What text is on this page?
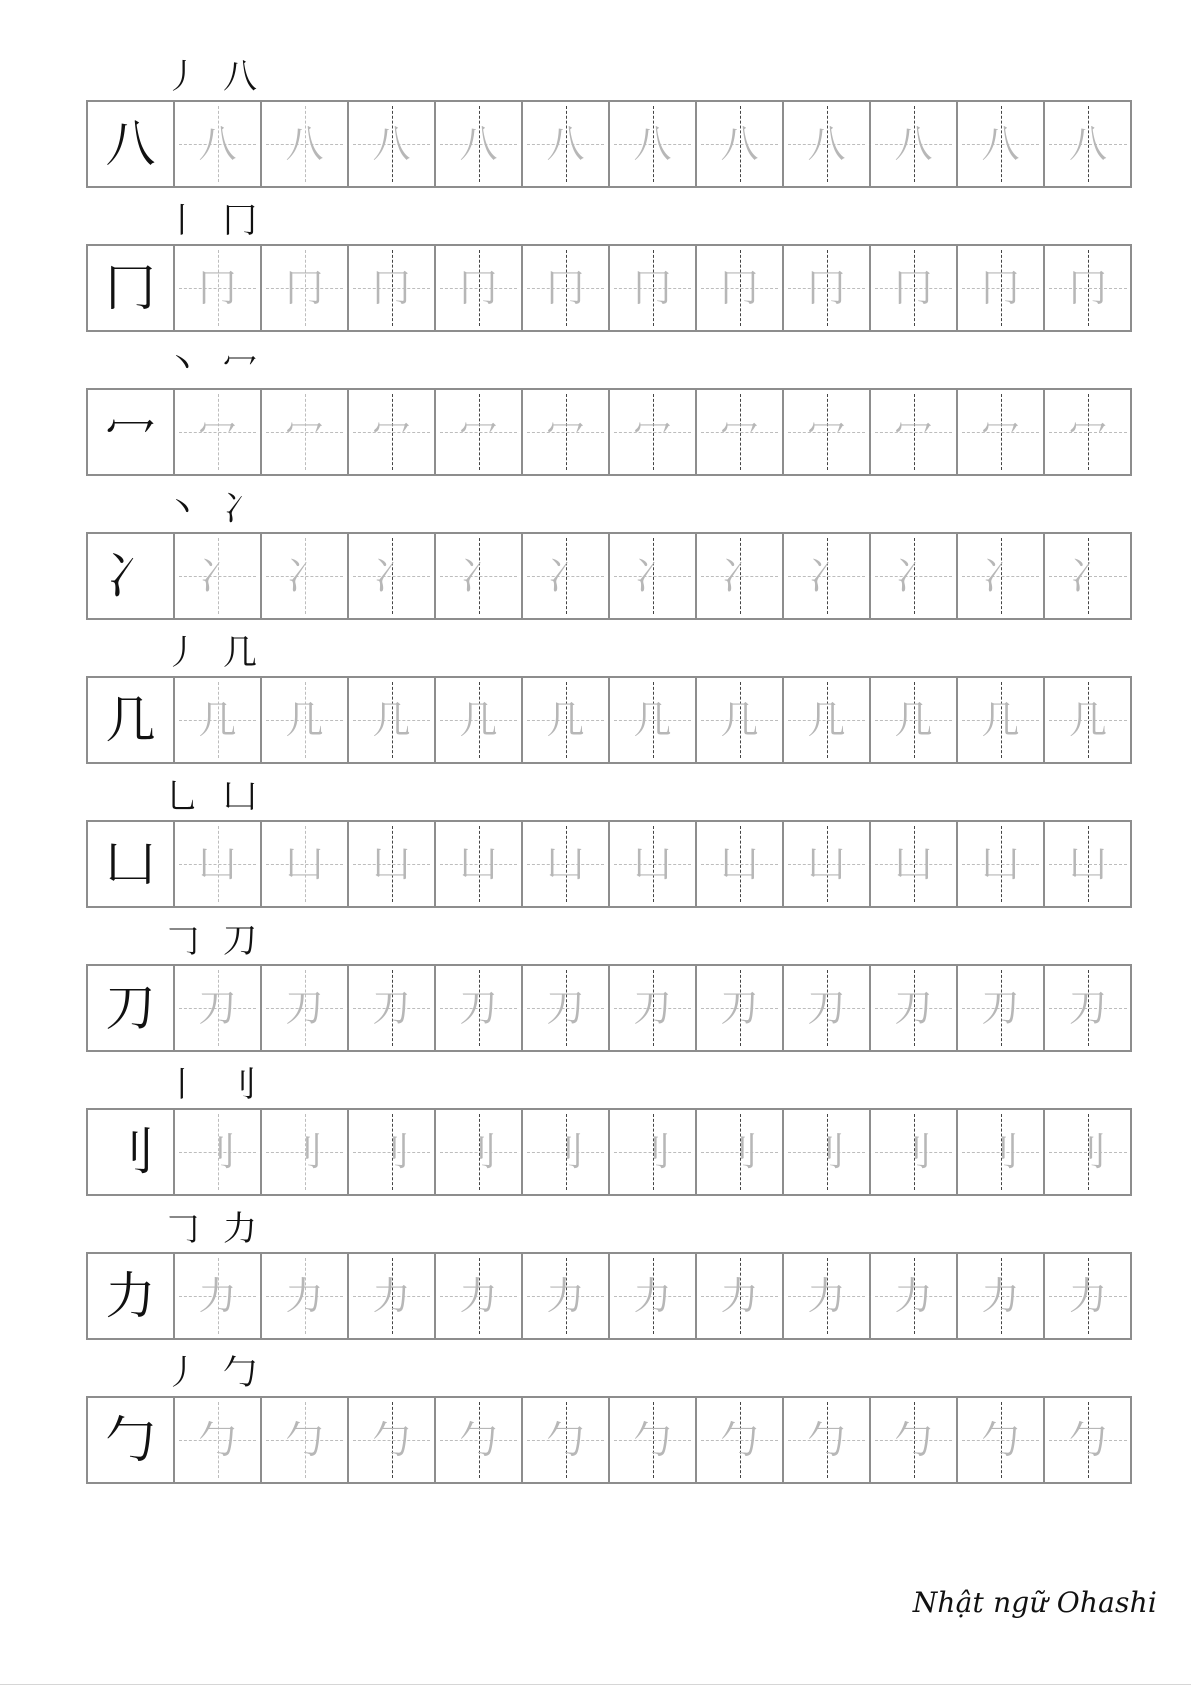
丿 八
八	八	八	八	八	八	八	八	八	八	八	八
丨 冂
冂	冂	冂	冂	冂	冂	冂	冂	冂	冂	冂	冂
丶 冖
冖	冖	冖	冖	冖	冖	冖	冖	冖	冖	冖	冖
丶 冫
冫	冫	冫	冫	冫	冫	冫	冫	冫	冫	冫	冫
丿 几
几	几	几	几	几	几	几	几	几	几	几	几
乚 凵
凵	凵	凵	凵	凵	凵	凵	凵	凵	凵	凵	凵
𠃌 刀
刀	刀	刀	刀	刀	刀	刀	刀	刀	刀	刀	刀
丨 刂
刂	刂	刂	刂	刂	刂	刂	刂	刂	刂	刂	刂
𠃌 力
力	力	力	力	力	力	力	力	力	力	力	力
丿 勹
勹	勹	勹	勹	勹	勹	勹	勹	勹	勹	勹	勹
Nhật ngữ Ohashi
